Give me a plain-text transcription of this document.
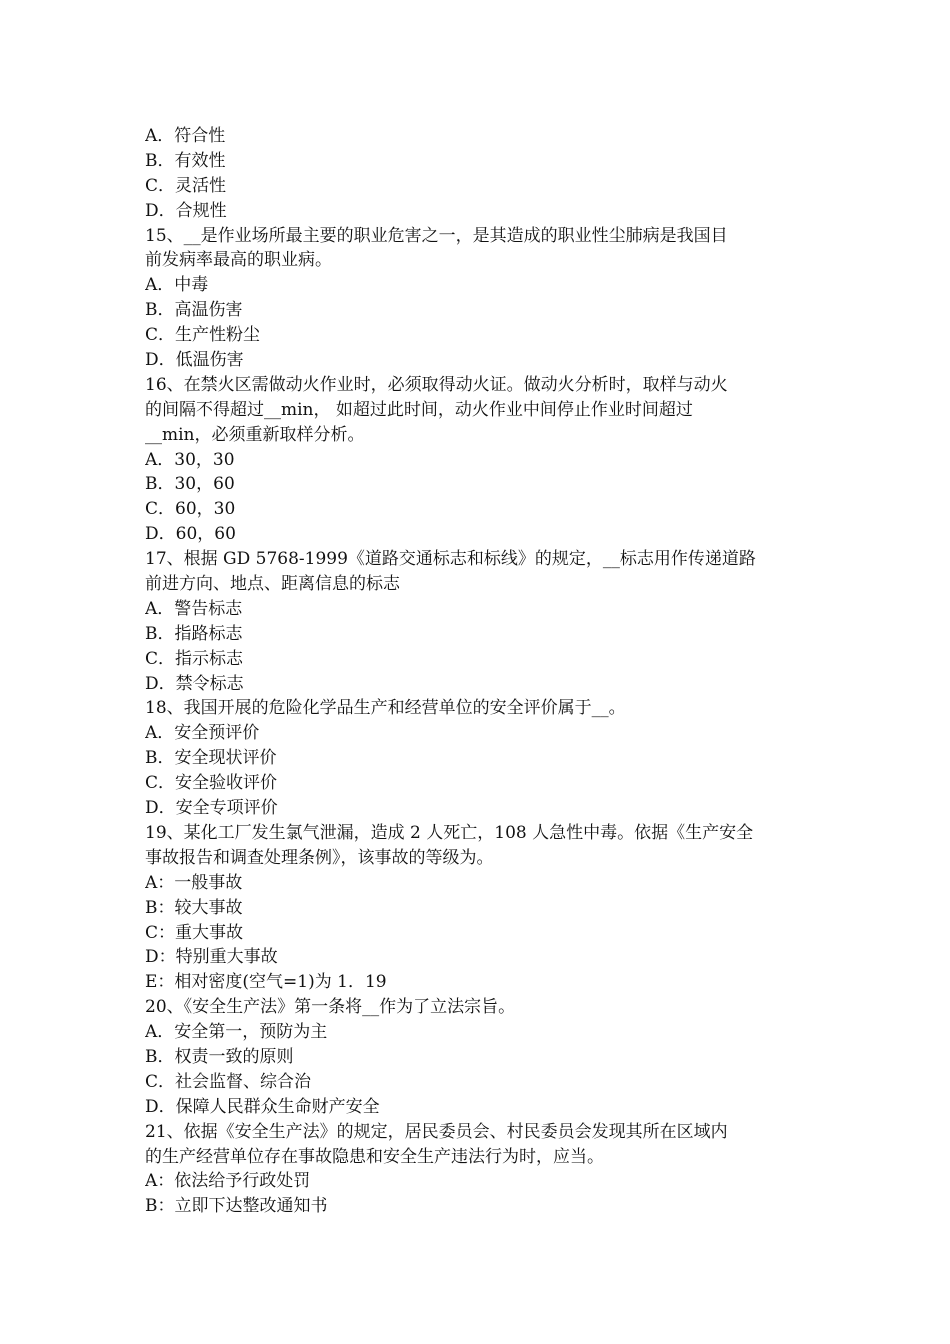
A．符合性
B．有效性
C．灵活性
D．合规性
15、__是作业场所最主要的职业危害之一，是其造成的职业性尘肺病是我国目
前发病率最高的职业病。
A．中毒
B．高温伤害
C．生产性粉尘
D．低温伤害
16、在禁火区需做动火作业时，必须取得动火证。做动火分析时，取样与动火
的间隔不得超过__min， 如超过此时间，动火作业中间停止作业时间超过
__min，必须重新取样分析。
A．30，30
B．30，60
C．60，30
D．60，60
17、根据 GD 5768-1999《道路交通标志和标线》的规定，__标志用作传递道路
前进方向、地点、距离信息的标志
A．警告标志
B．指路标志
C．指示标志
D．禁令标志
18、我国开展的危险化学品生产和经营单位的安全评价属于__。
A．安全预评价
B．安全现状评价
C．安全验收评价
D．安全专项评价
19、某化工厂发生氯气泄漏，造成 2 人死亡，108 人急性中毒。依据《生产安全
事故报告和调查处理条例》，该事故的等级为。
A：一般事故
B：较大事故
C：重大事故
D：特别重大事故
E：相对密度(空气=1)为 1．19
20、《安全生产法》第一条将__作为了立法宗旨。
A．安全第一，预防为主
B．权责一致的原则
C．社会监督、综合治
D．保障人民群众生命财产安全
21、依据《安全生产法》的规定，居民委员会、村民委员会发现其所在区域内
的生产经营单位存在事故隐患和安全生产违法行为时，应当。
A：依法给予行政处罚
B：立即下达整改通知书
